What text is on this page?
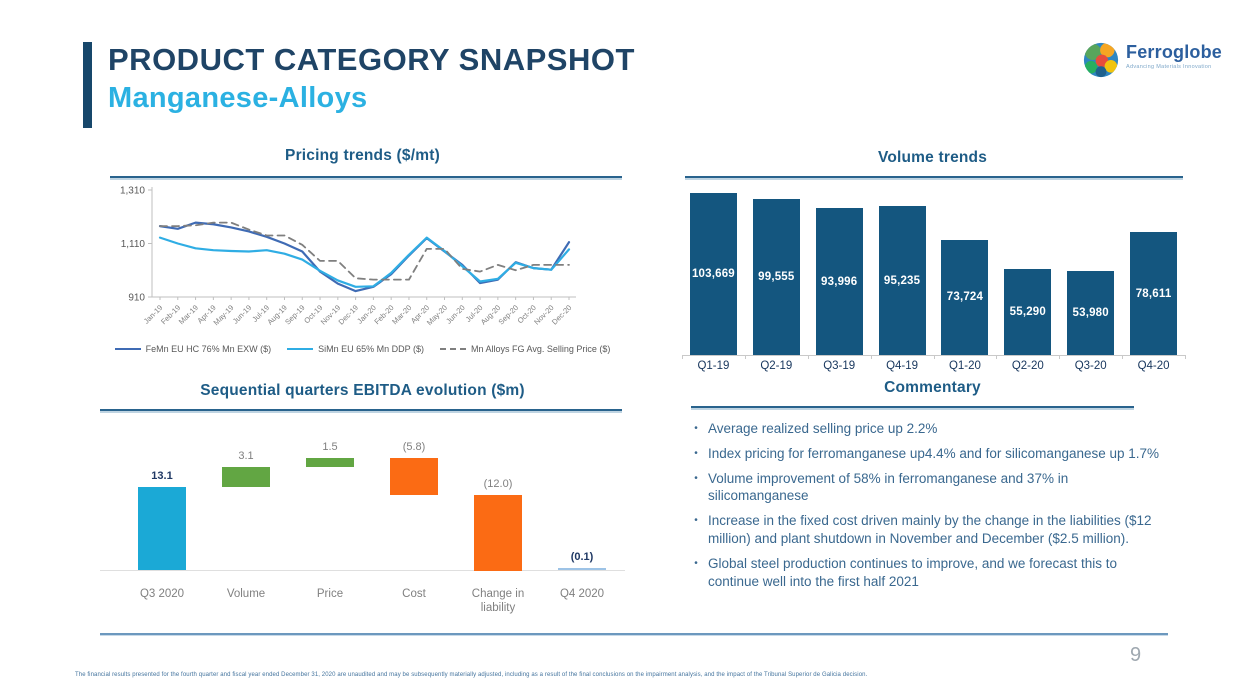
PRODUCT CATEGORY SNAPSHOT
Manganese-Alloys
Ferroglobe
Advancing Materials Innovation
Pricing trends ($/mt)	Volume trends
Sequential quarters EBITDA evolution ($m)	Commentary
910
1,110
1,310
Jan-19
Feb-19
Mar-19
Apr-19
May-19
Jun-19
Jul-19
Aug-19
Sep-19
Oct-19
Nov-19
Dec-19
Jan-20
Feb-20
Mar-20
Apr-20
May-20
Jun-20
Jul-20
Aug-20
Sep-20
Oct-20
Nov-20
Dec-20
FeMn EU HC 76% Mn EXW ($)	SiMn EU 65% Mn DDP ($)	Mn Alloys FG Avg. Selling Price ($)
103,669
Q1-19
99,555
Q2-19
93,996
Q3-19
95,235
Q4-19
73,724
Q1-20
55,290
Q2-20
53,980
Q3-20
78,611
Q4-20
13.1
Q3 2020
3.1
Volume
1.5
Price
(5.8)
Cost
(12.0)
Change in liability
(0.1)
Q4 2020
• Average realized selling price up 2.2%
• Index pricing for ferromanganese up4.4% and for silicomanganese up 1.7%
• Volume improvement of 58% in ferromanganese and 37% in silicomanganese
• Increase in the fixed cost driven mainly by the change in the liabilities ($12 million) and plant shutdown in November and December ($2.5 million).
• Global steel production continues to improve, and we forecast this to continue well into the first half 2021
9
The financial results presented for the fourth quarter and fiscal year ended December 31, 2020 are unaudited and may be subsequently materially adjusted, including as a result of the final conclusions on the impairment analysis, and the impact of the Tribunal Superior de Galicia decision.
